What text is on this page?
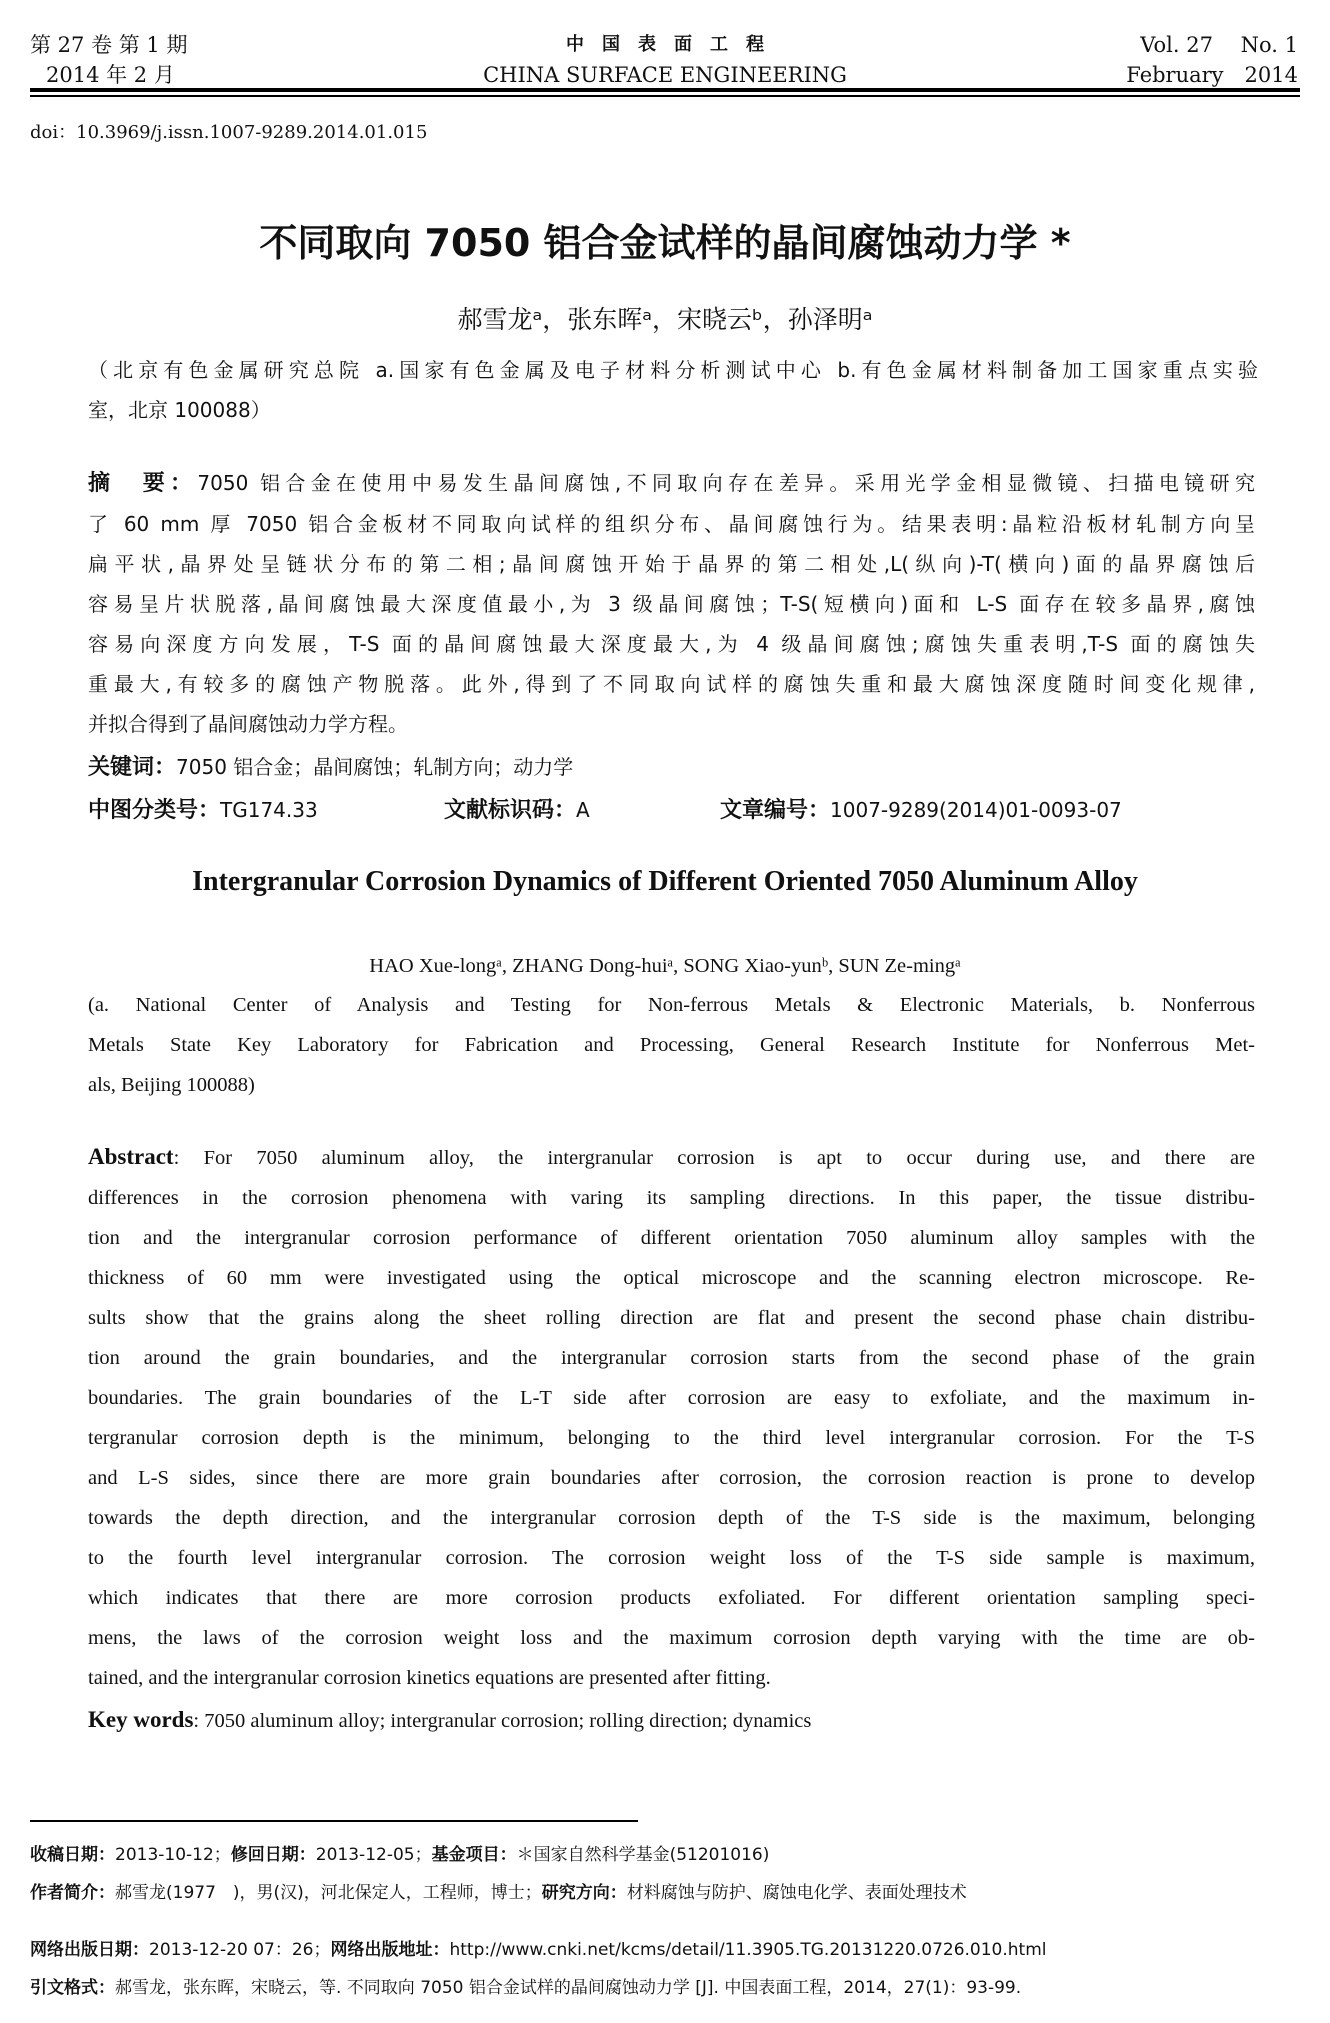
第 27 卷 第 1 期
2014 年 2 月
中　国　表　面　工　程
CHINA SURFACE ENGINEERING
Vol. 27　 No. 1
February　2014
doi：10.3969/j.issn.1007-9289.2014.01.015
不同取向 7050 铝合金试样的晶间腐蚀动力学 *
郝雪龙ᵃ，张东晖ᵃ，宋晓云ᵇ，孙泽明ᵃ
（北京有色金属研究总院 a.国家有色金属及电子材料分析测试中心 b.有色金属材料制备加工国家重点实验
室，北京 100088）
摘　要：7050 铝合金在使用中易发生晶间腐蚀,不同取向存在差异。采用光学金相显微镜、扫描电镜研究
了 60 mm 厚 7050 铝合金板材不同取向试样的组织分布、晶间腐蚀行为。结果表明:晶粒沿板材轧制方向呈
扁平状,晶界处呈链状分布的第二相;晶间腐蚀开始于晶界的第二相处,L(纵向)-T(横向)面的晶界腐蚀后
容易呈片状脱落,晶间腐蚀最大深度值最小,为 3 级晶间腐蚀；T-S(短横向)面和 L-S 面存在较多晶界,腐蚀
容易向深度方向发展，T-S 面的晶间腐蚀最大深度最大,为 4 级晶间腐蚀;腐蚀失重表明,T-S 面的腐蚀失
重最大,有较多的腐蚀产物脱落。此外,得到了不同取向试样的腐蚀失重和最大腐蚀深度随时间变化规律,
并拟合得到了晶间腐蚀动力学方程。
关键词：7050 铝合金；晶间腐蚀；轧制方向；动力学
中图分类号：TG174.33	文献标识码：A	文章编号：1007-9289(2014)01-0093-07
Intergranular Corrosion Dynamics of Different Oriented 7050 Aluminum Alloy
HAO Xue-longᵃ, ZHANG Dong-huiᵃ, SONG Xiao-yunᵇ, SUN Ze-mingᵃ
(a. National Center of Analysis and Testing for Non-ferrous Metals & Electronic Materials, b. Nonferrous
Metals State Key Laboratory for Fabrication and Processing, General Research Institute for Nonferrous Met-
als, Beijing 100088)
Abstract: For 7050 aluminum alloy, the intergranular corrosion is apt to occur during use, and there are
differences in the corrosion phenomena with varing its sampling directions. In this paper, the tissue distribu-
tion and the intergranular corrosion performance of different orientation 7050 aluminum alloy samples with the
thickness of 60 mm were investigated using the optical microscope and the scanning electron microscope. Re-
sults show that the grains along the sheet rolling direction are flat and present the second phase chain distribu-
tion around the grain boundaries, and the intergranular corrosion starts from the second phase of the grain
boundaries. The grain boundaries of the L-T side after corrosion are easy to exfoliate, and the maximum in-
tergranular corrosion depth is the minimum, belonging to the third level intergranular corrosion. For the T-S
and L-S sides, since there are more grain boundaries after corrosion, the corrosion reaction is prone to develop
towards the depth direction, and the intergranular corrosion depth of the T-S side is the maximum, belonging
to the fourth level intergranular corrosion. The corrosion weight loss of the T-S side sample is maximum,
which indicates that there are more corrosion products exfoliated. For different orientation sampling speci-
mens, the laws of the corrosion weight loss and the maximum corrosion depth varying with the time are ob-
tained, and the intergranular corrosion kinetics equations are presented after fitting.
Key words: 7050 aluminum alloy; intergranular corrosion; rolling direction; dynamics
收稿日期：2013-10-12；修回日期：2013-12-05；基金项目：＊国家自然科学基金(51201016)
作者简介：郝雪龙(1977　)，男(汉)，河北保定人，工程师，博士；研究方向：材料腐蚀与防护、腐蚀电化学、表面处理技术
网络出版日期：2013-12-20 07：26；网络出版地址：http://www.cnki.net/kcms/detail/11.3905.TG.20131220.0726.010.html
引文格式：郝雪龙，张东晖，宋晓云，等. 不同取向 7050 铝合金试样的晶间腐蚀动力学 [J]. 中国表面工程，2014，27(1)：93-99.
